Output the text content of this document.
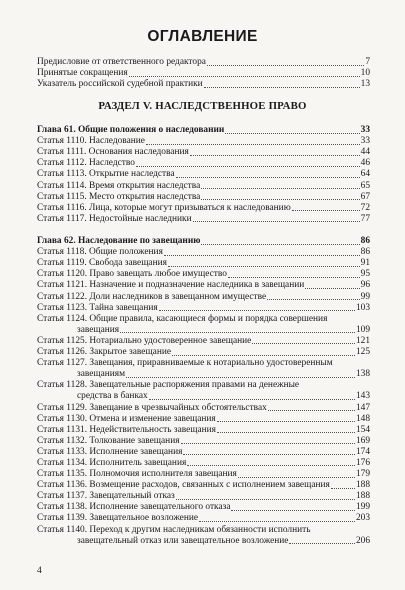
ОГЛАВЛЕНИЕ
Предисловие от ответственного редактора	7
Принятые сокращения	10
Указатель российской судебной практики	13
РАЗДЕЛ V. НАСЛЕДСТВЕННОЕ ПРАВО
Глава 61. Общие положения о наследовании	33
Статья 1110. Наследование	33
Статья 1111. Основания наследования	44
Статья 1112. Наследство	46
Статья 1113. Открытие наследства	64
Статья 1114. Время открытия наследства	65
Статья 1115. Место открытия наследства	67
Статья 1116. Лица, которые могут призываться к наследованию	72
Статья 1117. Недостойные наследники	77
Глава 62. Наследование по завещанию	86
Статья 1118. Общие положения	86
Статья 1119. Свобода завещания	91
Статья 1120. Право завещать любое имущество	95
Статья 1121. Назначение и подназначение наследника в завещании	96
Статья 1122. Доли наследников в завещанном имуществе	99
Статья 1123. Тайна завещания	103
Статья 1124. Общие правила, касающиеся формы и порядка совершения
завещания	109
Статья 1125. Нотариально удостоверенное завещание	121
Статья 1126. Закрытое завещание	125
Статья 1127. Завещания, приравниваемые к нотариально удостоверенным
завещаниям	138
Статья 1128. Завещательные распоряжения правами на денежные
средства в банках	143
Статья 1129. Завещание в чрезвычайных обстоятельствах	147
Статья 1130. Отмена и изменение завещания	148
Статья 1131. Недействительность завещания	154
Статья 1132. Толкование завещания	169
Статья 1133. Исполнение завещания	174
Статья 1134. Исполнитель завещания	176
Статья 1135. Полномочия исполнителя завещания	179
Статья 1136. Возмещение расходов, связанных с исполнением завещания	188
Статья 1137. Завещательный отказ	188
Статья 1138. Исполнение завещательного отказа	199
Статья 1139. Завещательное возложение	203
Статья 1140. Переход к другим наследникам обязанности исполнить
завещательный отказ или завещательное возложение	206
4
